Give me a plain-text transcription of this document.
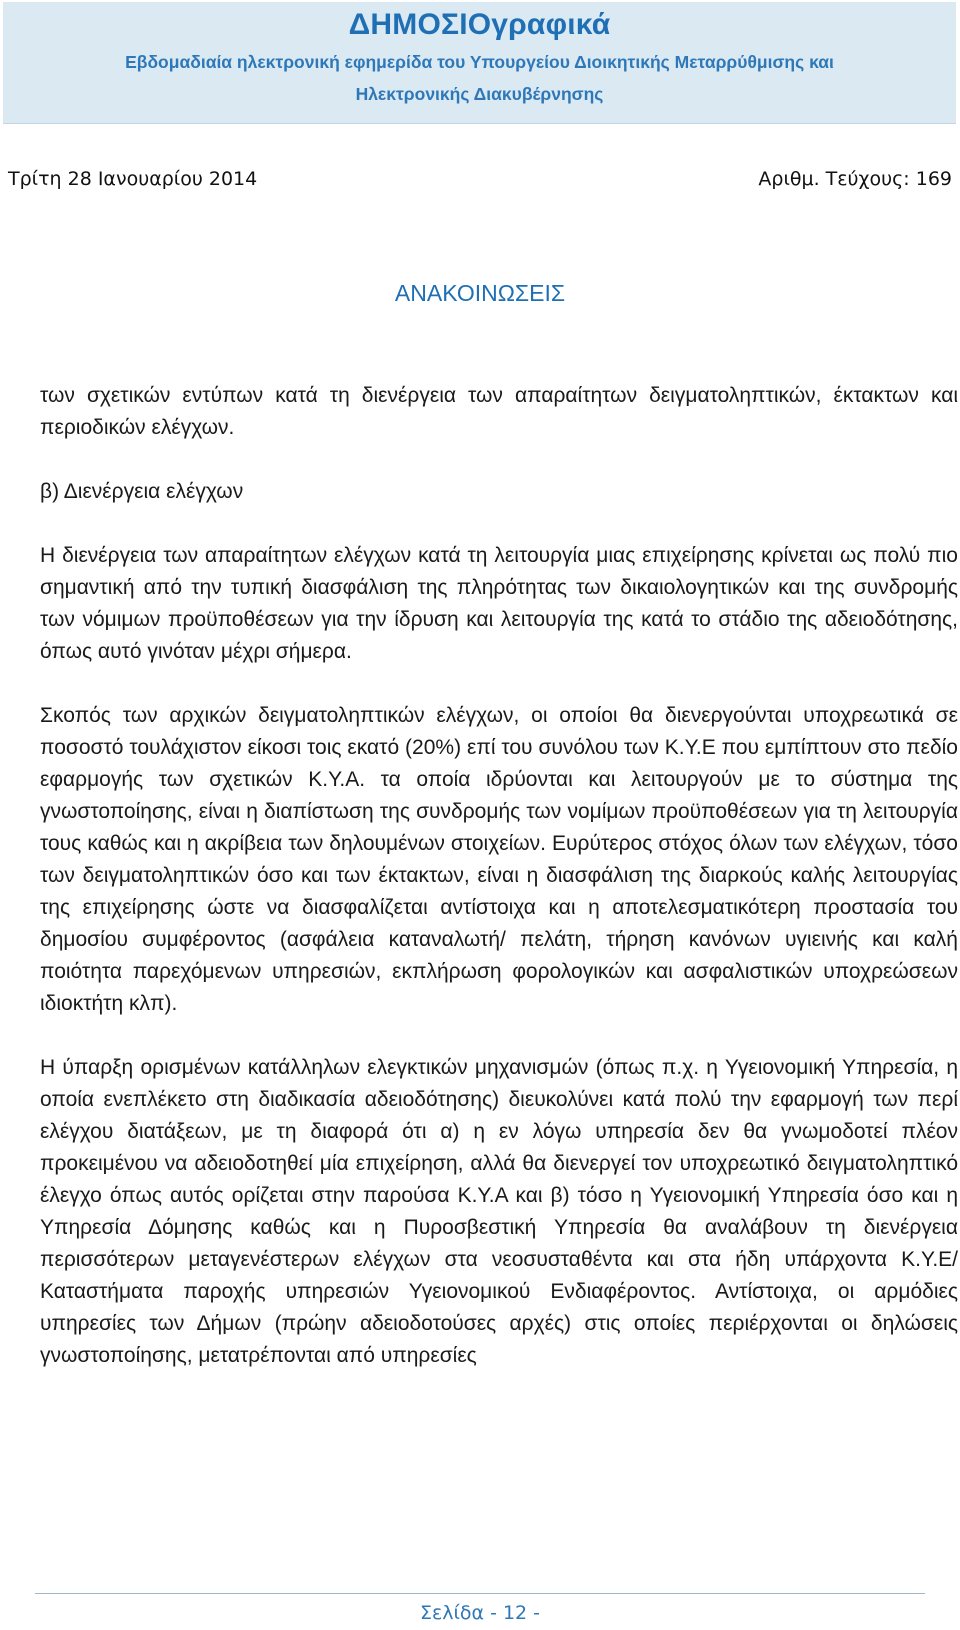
ΔΗΜΟΣΙΟγραφικά
Εβδομαδιαία ηλεκτρονική εφημερίδα του Υπουργείου Διοικητικής Μεταρρύθμισης και
Ηλεκτρονικής Διακυβέρνησης
Τρίτη 28 Ιανουαρίου 2014	Αριθμ. Τεύχους: 169
ΑΝΑΚΟΙΝΩΣΕΙΣ

των σχετικών εντύπων κατά τη διενέργεια των απαραίτητων δειγματοληπτικών, έκτακτων και περιοδικών ελέγχων.

β) Διενέργεια ελέγχων

Η διενέργεια των απαραίτητων ελέγχων κατά τη λειτουργία μιας επιχείρησης κρίνεται ως πολύ πιο σημαντική από την τυπική διασφάλιση της πληρότητας των δικαιολογητικών και της συνδρομής των νόμιμων προϋποθέσεων για την ίδρυση και λειτουργία της κατά το στάδιο της αδειοδότησης, όπως αυτό γινόταν μέχρι σήμερα.

Σκοπός των αρχικών δειγματοληπτικών ελέγχων, οι οποίοι θα διενεργούνται υποχρεωτικά σε ποσοστό τουλάχιστον είκοσι τοις εκατό (20%) επί του συνόλου των Κ.Υ.Ε που εμπίπτουν στο πεδίο εφαρμογής των σχετικών Κ.Υ.Α. τα οποία ιδρύονται και λειτουργούν με το σύστημα της γνωστοποίησης, είναι η διαπίστωση της συνδρομής των νομίμων προϋποθέσεων για τη λειτουργία τους καθώς και η ακρίβεια των δηλουμένων στοιχείων. Ευρύτερος στόχος όλων των ελέγχων, τόσο των δειγματοληπτικών όσο και των έκτακτων, είναι η διασφάλιση της διαρκούς καλής λειτουργίας της επιχείρησης ώστε να διασφαλίζεται αντίστοιχα και η αποτελεσματικότερη προστασία του δημοσίου συμφέροντος (ασφάλεια καταναλωτή/ πελάτη, τήρηση κανόνων υγιεινής και καλή ποιότητα παρεχόμενων υπηρεσιών, εκπλήρωση φορολογικών και ασφαλιστικών υποχρεώσεων ιδιοκτήτη κλπ).

Η ύπαρξη ορισμένων κατάλληλων ελεγκτικών μηχανισμών (όπως π.χ. η Υγειονομική Υπηρεσία, η οποία ενεπλέκετο στη διαδικασία αδειοδότησης) διευκολύνει κατά πολύ την εφαρμογή των περί ελέγχου διατάξεων, με τη διαφορά ότι α) η εν λόγω υπηρεσία δεν θα γνωμοδοτεί πλέον προκειμένου να αδειοδοτηθεί μία επιχείρηση, αλλά θα διενεργεί τον υποχρεωτικό δειγματοληπτικό έλεγχο όπως αυτός ορίζεται στην παρούσα Κ.Υ.Α και β) τόσο η Υγειονομική Υπηρεσία όσο και η Υπηρεσία Δόμησης καθώς και η Πυροσβεστική Υπηρεσία θα αναλάβουν τη διενέργεια περισσότερων μεταγενέστερων ελέγχων στα νεοσυσταθέντα και στα ήδη υπάρχοντα Κ.Υ.Ε/ Καταστήματα παροχής υπηρεσιών Υγειονομικού Ενδιαφέροντος. Αντίστοιχα, οι αρμόδιες υπηρεσίες των Δήμων (πρώην αδειοδοτούσες αρχές) στις οποίες περιέρχονται οι δηλώσεις γνωστοποίησης, μετατρέπονται από υπηρεσίες

Σελίδα - 12 -
